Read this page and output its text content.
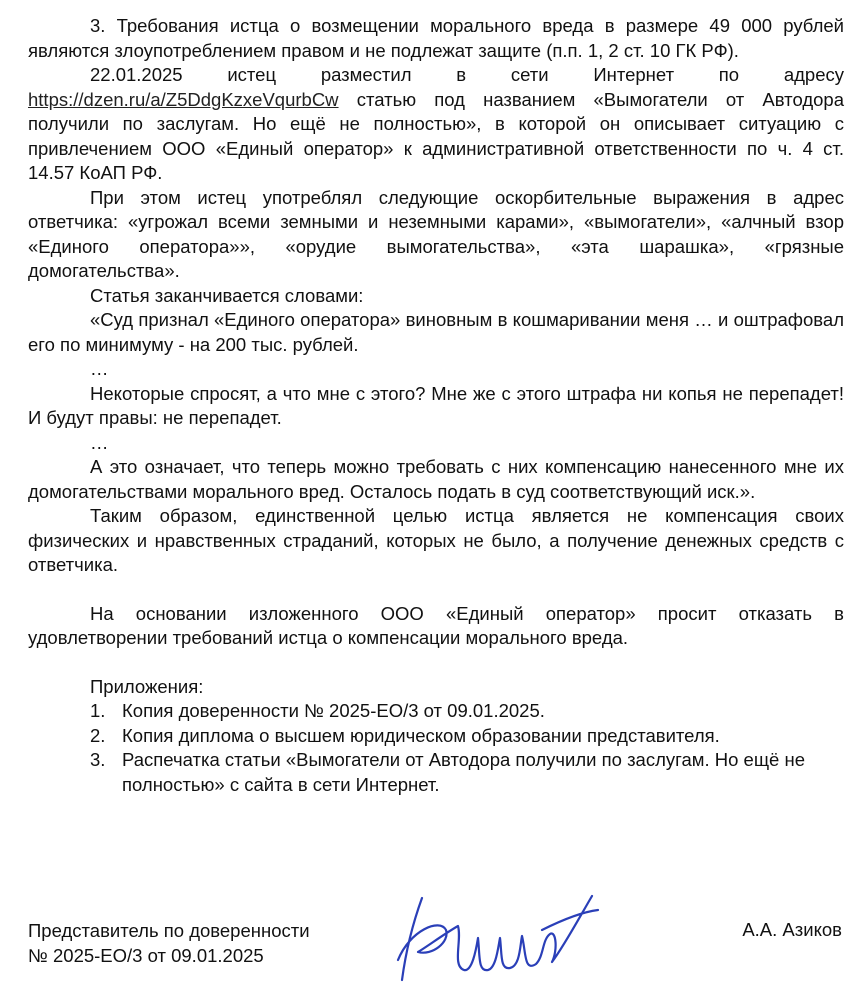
3. Требования истца о возмещении морального вреда в размере 49 000 рублей являются злоупотреблением правом и не подлежат защите (п.п. 1, 2 ст. 10 ГК РФ).

22.01.2025 истец разместил в сети Интернет по адресу
https://dzen.ru/a/Z5DdgKzxeVqurbCw статью под названием «Вымогатели от Автодора получили по заслугам. Но ещё не полностью», в которой он описывает ситуацию с привлечением ООО «Единый оператор» к административной ответственности по ч. 4 ст. 14.57 КоАП РФ.

При этом истец употреблял следующие оскорбительные выражения в адрес ответчика: «угрожал всеми земными и неземными карами», «вымогатели», «алчный взор «Единого оператора»», «орудие вымогательства», «эта шарашка», «грязные домогательства».

Статья заканчивается словами:

«Суд признал «Единого оператора» виновным в кошмаривании меня … и оштрафовал его по минимуму - на 200 тыс. рублей.

…

Некоторые спросят, а что мне с этого? Мне же с этого штрафа ни копья не перепадет! И будут правы: не перепадет.

…

А это означает, что теперь можно требовать с них компенсацию нанесенного мне их домогательствами морального вред. Осталось подать в суд соответствующий иск.».

Таким образом, единственной целью истца является не компенсация своих физических и нравственных страданий, которых не было, а получение денежных средств с ответчика.

На основании изложенного ООО «Единый оператор» просит отказать в удовлетворении требований истца о компенсации морального вреда.

Приложения:

1. Копия доверенности № 2025-ЕО/3 от 09.01.2025.
2. Копия диплома о высшем юридическом образовании представителя.
3. Распечатка статьи «Вымогатели от Автодора получили по заслугам. Но ещё не полностью» с сайта в сети Интернет.
Представитель по доверенности
№ 2025-ЕО/3 от 09.01.2025
А.А. Азиков
